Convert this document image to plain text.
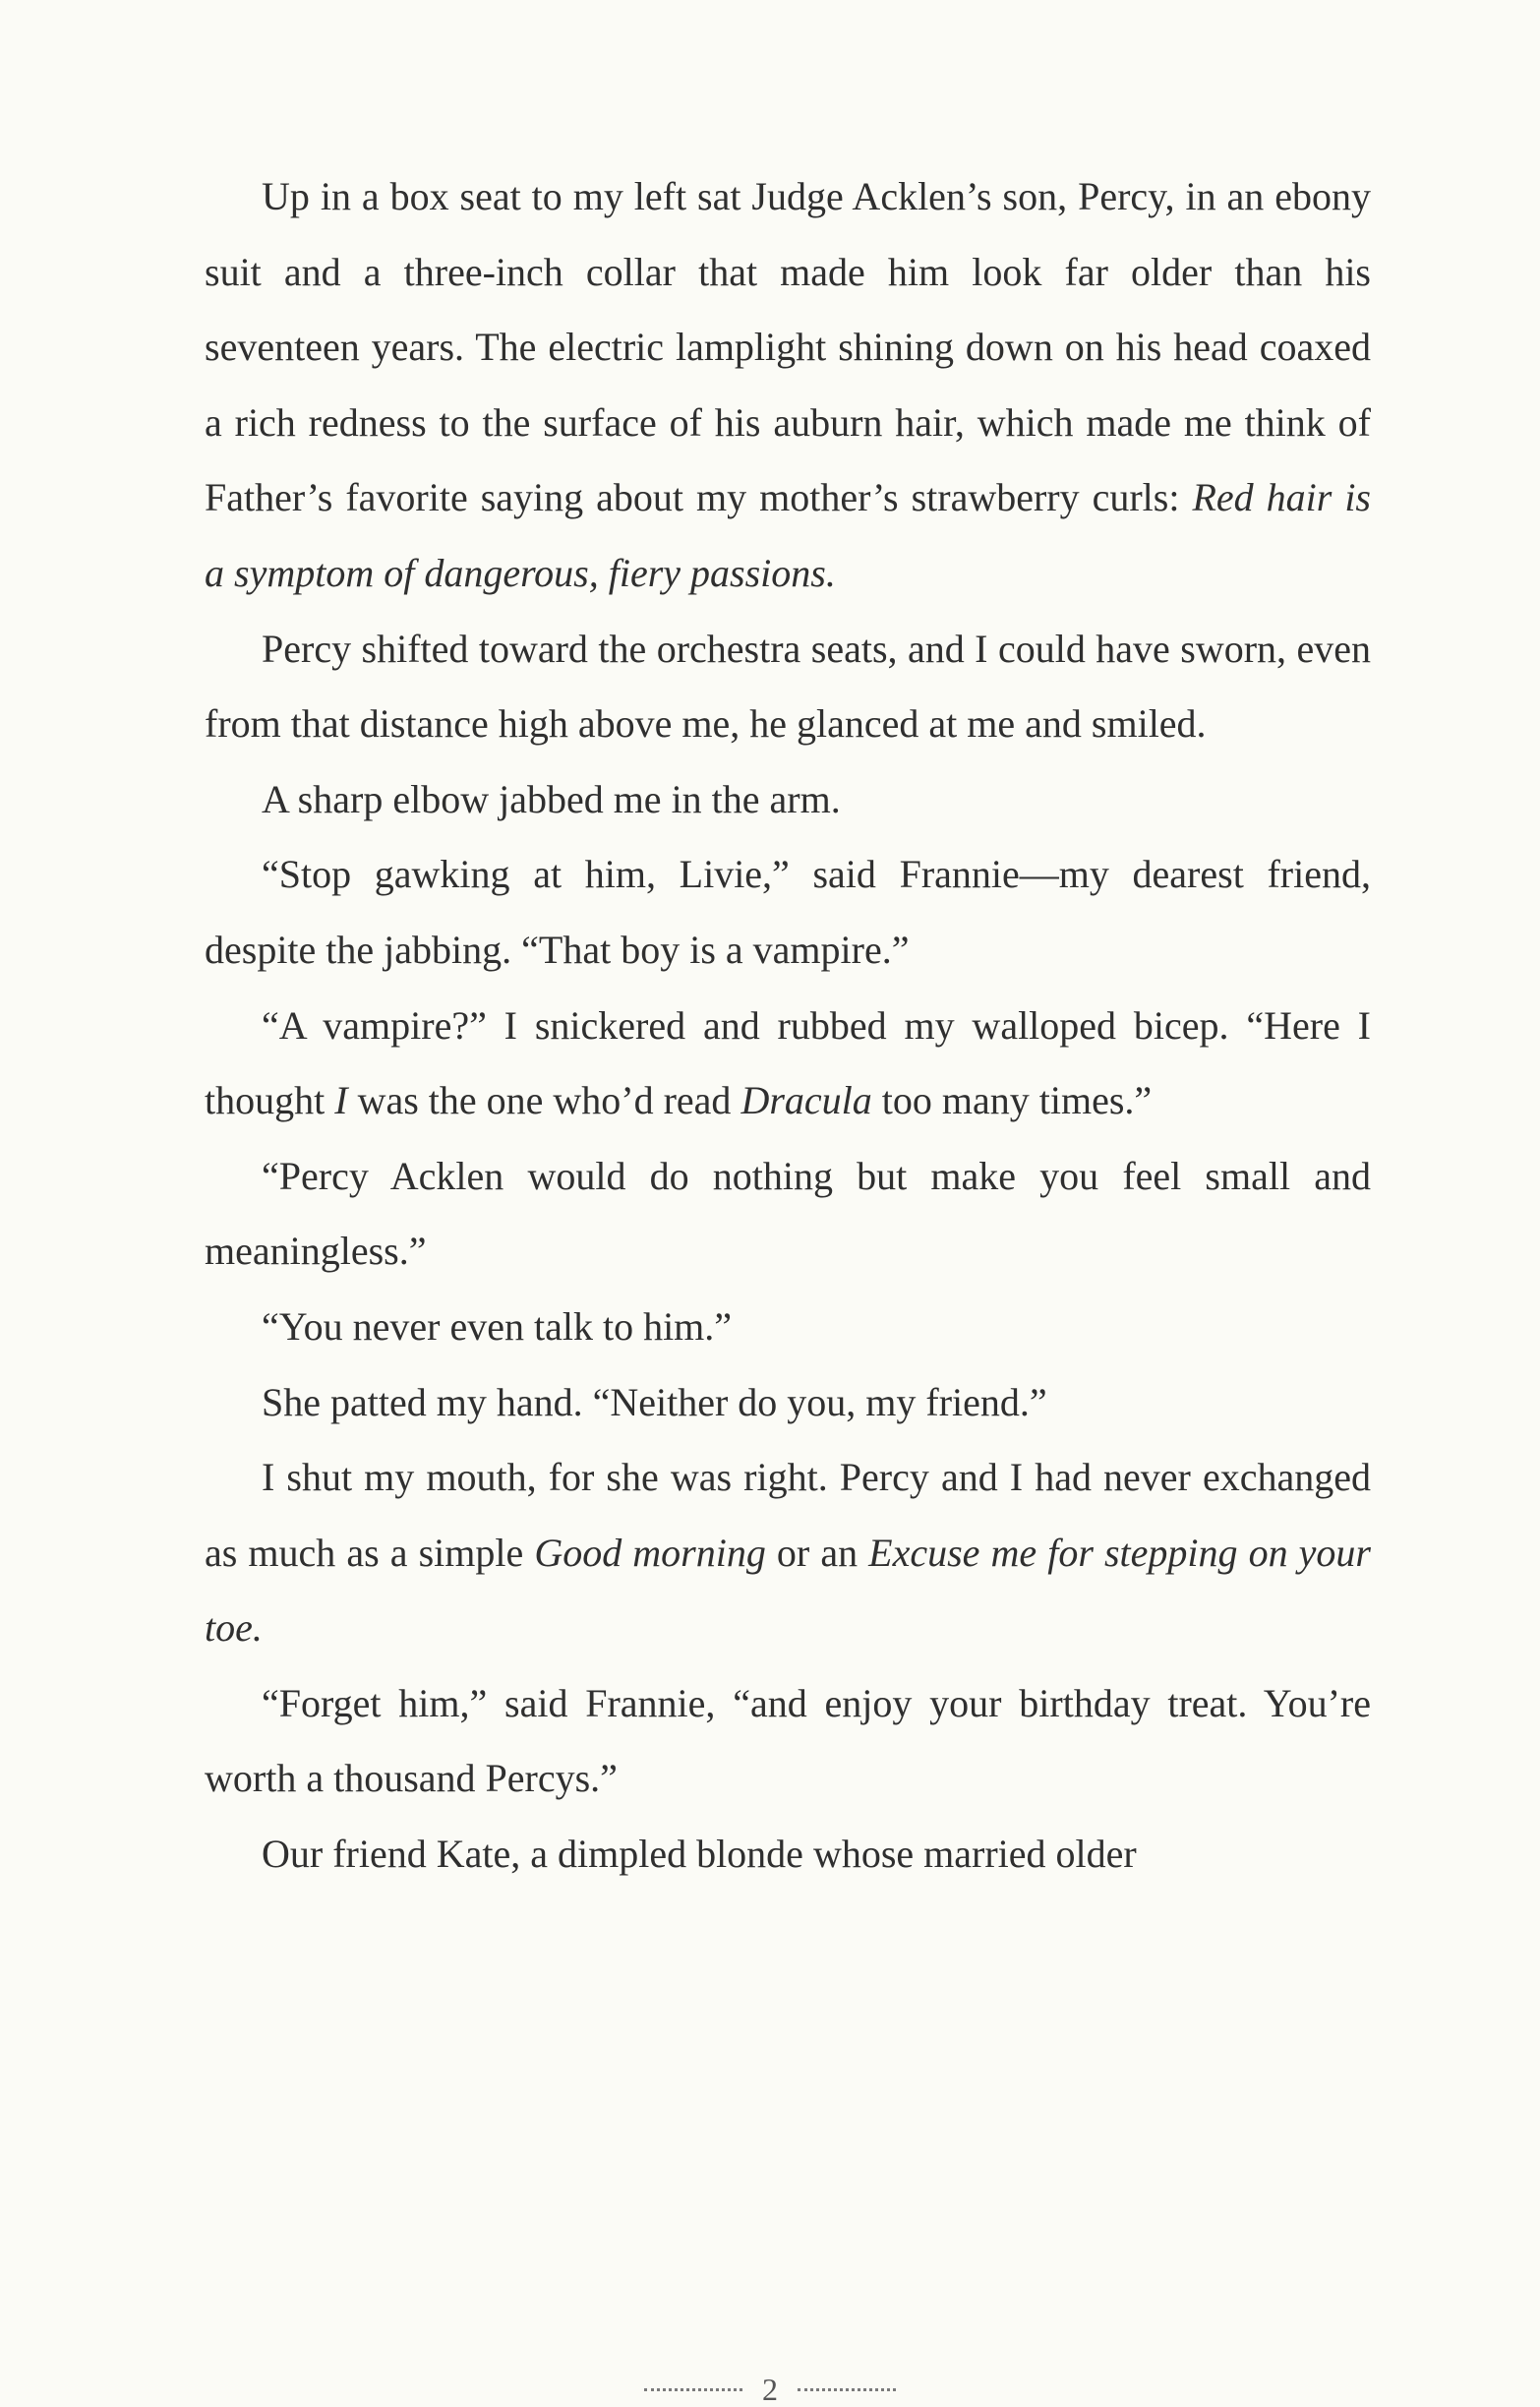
Up in a box seat to my left sat Judge Acklen’s son, Percy, in an ebony suit and a three-inch collar that made him look far older than his seventeen years. The electric lamplight shining down on his head coaxed a rich redness to the surface of his auburn hair, which made me think of Father’s favorite saying about my mother’s strawberry curls: Red hair is a symptom of dangerous, fiery passions.

Percy shifted toward the orchestra seats, and I could have sworn, even from that distance high above me, he glanced at me and smiled.

A sharp elbow jabbed me in the arm.

“Stop gawking at him, Livie,” said Frannie—my dearest friend, despite the jabbing. “That boy is a vampire.”

“A vampire?” I snickered and rubbed my walloped bicep. “Here I thought I was the one who’d read Dracula too many times.”

“Percy Acklen would do nothing but make you feel small and meaningless.”

“You never even talk to him.”

She patted my hand. “Neither do you, my friend.”

I shut my mouth, for she was right. Percy and I had never exchanged as much as a simple Good morning or an Excuse me for stepping on your toe.

“Forget him,” said Frannie, “and enjoy your birthday treat. You’re worth a thousand Percys.”

Our friend Kate, a dimpled blonde whose married older

2
